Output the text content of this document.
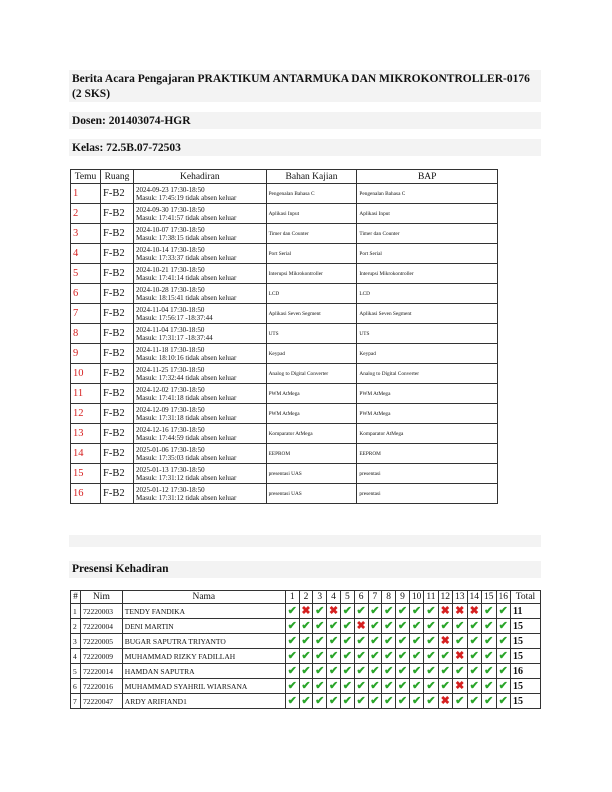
Berita Acara Pengajaran PRAKTIKUM ANTARMUKA DAN MIKROKONTROLLER-0176 (2 SKS)
Dosen: 201403074-HGR
Kelas: 72.5B.07-72503
Temu	Ruang	Kehadiran	Bahan Kajian	BAP
1	F-B2	2024-09-23 17:30-18:50
Masuk: 17:45:19 tidak absen keluar	Pengenalan Bahasa C	Pengenalan Bahasa C
2	F-B2	2024-09-30 17:30-18:50
Masuk: 17:41:57 tidak absen keluar	Aplikasi Input	Aplikasi Input
3	F-B2	2024-10-07 17:30-18:50
Masuk: 17:38:15 tidak absen keluar	Timer dan Counter	Timer dan Counter
4	F-B2	2024-10-14 17:30-18:50
Masuk: 17:33:37 tidak absen keluar	Port Serial	Port Serial
5	F-B2	2024-10-21 17:30-18:50
Masuk: 17:41:14 tidak absen keluar	Interupsi Mikrokontroller	Interupsi Mikrokontroller
6	F-B2	2024-10-28 17:30-18:50
Masuk: 18:15:41 tidak absen keluar	LCD	LCD
7	F-B2	2024-11-04 17:30-18:50
Masuk: 17:56:17 -18:37:44	Aplikasi Seven Segment	Aplikasi Seven Segment
8	F-B2	2024-11-04 17:30-18:50
Masuk: 17:31:17 -18:37:44	UTS	UTS
9	F-B2	2024-11-18 17:30-18:50
Masuk: 18:10:16 tidak absen keluar	Keypad	Keypad
10	F-B2	2024-11-25 17:30-18:50
Masuk: 17:32:44 tidak absen keluar	Analog to Digital Converter	Analog to Digital Converter
11	F-B2	2024-12-02 17:30-18:50
Masuk: 17:41:18 tidak absen keluar	PWM AtMega	PWM AtMega
12	F-B2	2024-12-09 17:30-18:50
Masuk: 17:31:18 tidak absen keluar	PWM AtMega	PWM AtMega
13	F-B2	2024-12-16 17:30-18:50
Masuk: 17:44:59 tidak absen keluar	Komparator AtMega	Komparator AtMega
14	F-B2	2025-01-06 17:30-18:50
Masuk: 17:35:03 tidak absen keluar	EEPROM	EEPROM
15	F-B2	2025-01-13 17:30-18:50
Masuk: 17:31:12 tidak absen keluar	presentasi UAS	presentasi
16	F-B2	2025-01-12 17:30-18:50
Masuk: 17:31:12 tidak absen keluar	presentasi UAS	presentasi
Presensi Kehadiran
#	Nim	Nama	1	2	3	4	5	6	7	8	9	10	11	12	13	14	15	16	Total
1	72220003	TENDY FANDIKA	✔	✖	✔	✖	✔	✔	✔	✔	✔	✔	✔	✖	✖	✖	✔	✔	11
2	72220004	DENI MARTIN	✔	✔	✔	✔	✔	✖	✔	✔	✔	✔	✔	✔	✔	✔	✔	✔	15
3	72220005	BUGAR SAPUTRA TRIYANTO	✔	✔	✔	✔	✔	✔	✔	✔	✔	✔	✔	✖	✔	✔	✔	✔	15
4	72220009	MUHAMMAD RIZKY FADILLAH	✔	✔	✔	✔	✔	✔	✔	✔	✔	✔	✔	✔	✖	✔	✔	✔	15
5	72220014	HAMDAN SAPUTRA	✔	✔	✔	✔	✔	✔	✔	✔	✔	✔	✔	✔	✔	✔	✔	✔	16
6	72220016	MUHAMMAD SYAHRIL WIARSANA	✔	✔	✔	✔	✔	✔	✔	✔	✔	✔	✔	✔	✖	✔	✔	✔	15
7	72220047	ARDY ARIFIAND1	✔	✔	✔	✔	✔	✔	✔	✔	✔	✔	✔	✖	✔	✔	✔	✔	15
